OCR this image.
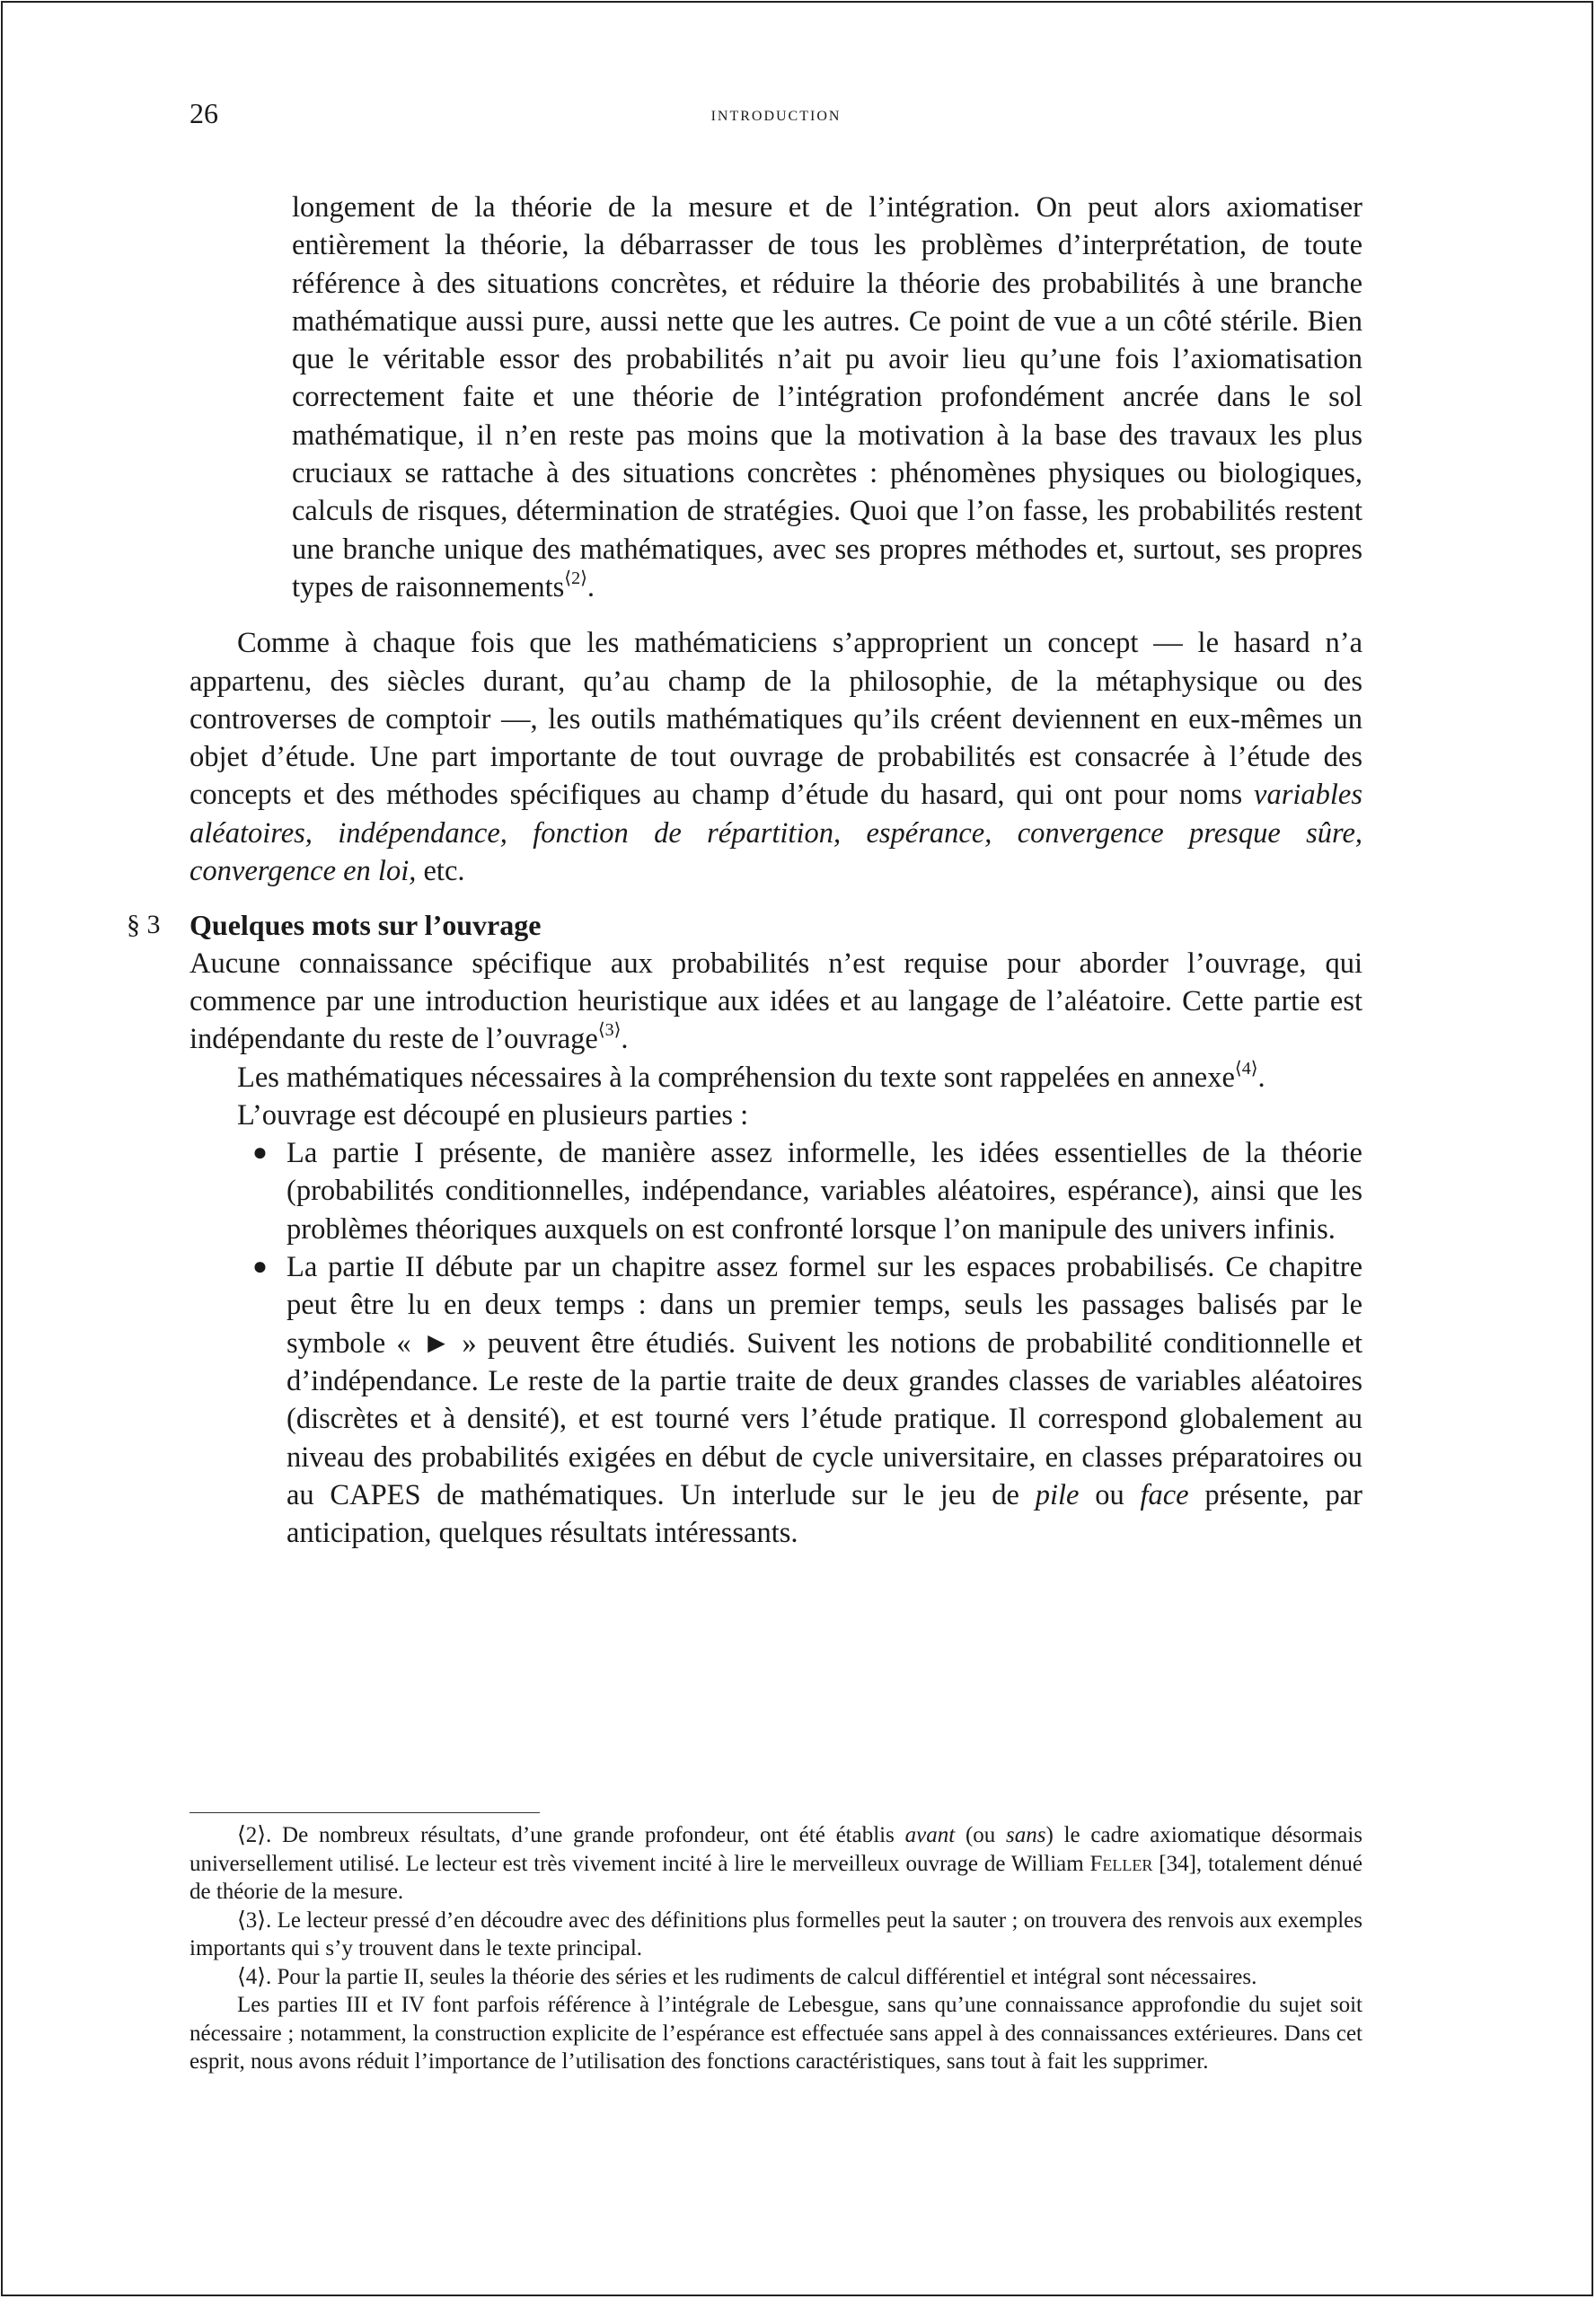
26	introduction
longement de la théorie de la mesure et de l’intégration. On peut alors axiomatiser entièrement la théorie, la débarrasser de tous les problèmes d’interprétation, de toute référence à des situations concrètes, et réduire la théorie des probabilités à une branche mathématique aussi pure, aussi nette que les autres. Ce point de vue a un côté stérile. Bien que le véritable essor des probabilités n’ait pu avoir lieu qu’une fois l’axiomatisation correctement faite et une théorie de l’intégration profondément ancrée dans le sol mathématique, il n’en reste pas moins que la motivation à la base des travaux les plus cruciaux se rattache à des situations concrètes : phénomènes physiques ou biologiques, calculs de risques, détermination de stratégies. Quoi que l’on fasse, les probabilités restent une branche unique des mathématiques, avec ses propres méthodes et, surtout, ses propres types de raisonnements$^{⟨2⟩}$.

Comme à chaque fois que les mathématiciens s’approprient un concept — le hasard n’a appartenu, des siècles durant, qu’au champ de la philosophie, de la métaphysique ou des controverses de comptoir —, les outils mathématiques qu’ils créent deviennent en eux-mêmes un objet d’étude. Une part importante de tout ouvrage de probabilités est consacrée à l’étude des concepts et des méthodes spécifiques au champ d’étude du hasard, qui ont pour noms variables aléatoires, indépendance, fonction de répartition, espérance, convergence presque sûre, convergence en loi, etc.

§ 3 Quelques mots sur l’ouvrage

Aucune connaissance spécifique aux probabilités n’est requise pour aborder l’ouvrage, qui commence par une introduction heuristique aux idées et au langage de l’aléatoire. Cette partie est indépendante du reste de l’ouvrage$^{⟨3⟩}$.

Les mathématiques nécessaires à la compréhension du texte sont rappelées en annexe$^{⟨4⟩}$.

L’ouvrage est découpé en plusieurs parties :

● La partie I présente, de manière assez informelle, les idées essentielles de la théorie (probabilités conditionnelles, indépendance, variables aléatoires, espérance), ainsi que les problèmes théoriques auxquels on est confronté lorsque l’on manipule des univers infinis.
● La partie II débute par un chapitre assez formel sur les espaces probabilisés. Ce chapitre peut être lu en deux temps : dans un premier temps, seuls les passages balisés par le symbole « ► » peuvent être étudiés. Suivent les notions de probabilité conditionnelle et d’indépendance. Le reste de la partie traite de deux grandes classes de variables aléatoires (discrètes et à densité), et est tourné vers l’étude pratique. Il correspond globalement au niveau des probabilités exigées en début de cycle universitaire, en classes préparatoires ou au CAPES de mathématiques. Un interlude sur le jeu de pile ou face présente, par anticipation, quelques résultats intéressants.

⟨2⟩. De nombreux résultats, d’une grande profondeur, ont été établis avant (ou sans) le cadre axiomatique désormais universellement utilisé. Le lecteur est très vivement incité à lire le merveilleux ouvrage de William Feller [34], totalement dénué de théorie de la mesure.

⟨3⟩. Le lecteur pressé d’en découdre avec des définitions plus formelles peut la sauter ; on trouvera des renvois aux exemples importants qui s’y trouvent dans le texte principal.

⟨4⟩. Pour la partie II, seules la théorie des séries et les rudiments de calcul différentiel et intégral sont nécessaires.

Les parties III et IV font parfois référence à l’intégrale de Lebesgue, sans qu’une connaissance approfondie du sujet soit nécessaire ; notamment, la construction explicite de l’espérance est effectuée sans appel à des connaissances extérieures. Dans cet esprit, nous avons réduit l’importance de l’utilisation des fonctions caractéristiques, sans tout à fait les supprimer.
